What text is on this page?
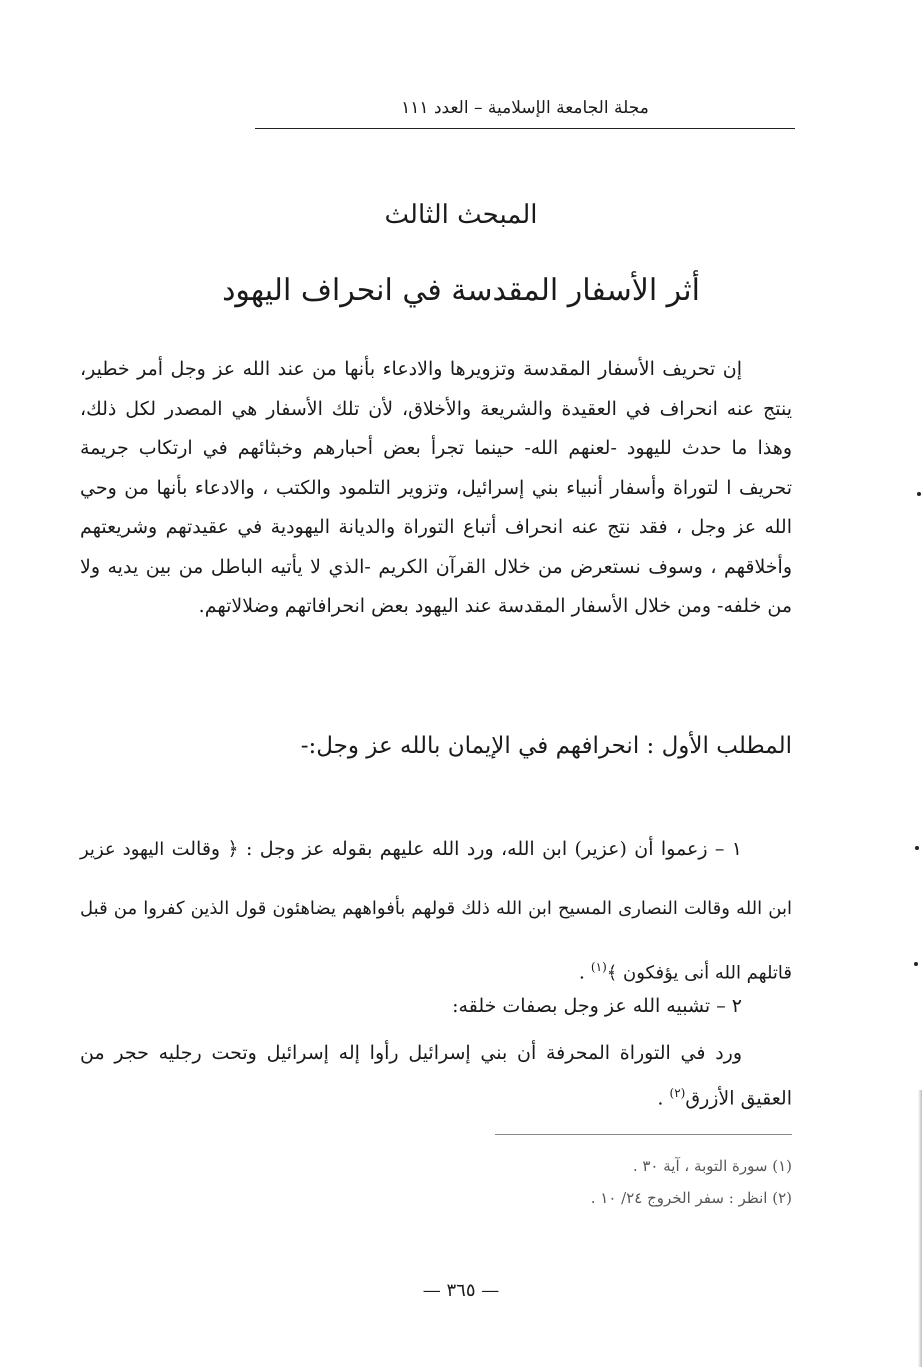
مجلة الجامعة الإسلامية – العدد ١١١
المبحث الثالث
أثر الأسفار المقدسة في انحراف اليهود

إن تحريف الأسفار المقدسة وتزويرها والادعاء بأنها من عند الله عز وجل أمر خطير، ينتج عنه انحراف في العقيدة والشريعة والأخلاق، لأن تلك الأسفار هي المصدر لكل ذلك، وهذا ما حدث لليهود -لعنهم الله- حينما تجرأ بعض أحبارهم وخبثائهم في ارتكاب جريمة تحريف ا لتوراة وأسفار أنبياء بني إسرائيل، وتزوير التلمود والكتب ، والادعاء بأنها من وحي الله عز وجل ، فقد نتج عنه انحراف أتباع التوراة والديانة اليهودية في عقيدتهم وشريعتهم وأخلاقهم ، وسوف نستعرض من خلال القرآن الكريم -الذي لا يأتيه الباطل من بين يديه ولا من خلفه- ومن خلال الأسفار المقدسة عند اليهود بعض انحرافاتهم وضلالاتهم.

المطلب الأول : انحرافهم في الإيمان بالله عز وجل:-

١ – زعموا أن (عزير) ابن الله، ورد الله عليهم بقوله عز وجل : ﴿ وقالت اليهود عزير ابن الله وقالت النصارى المسيح ابن الله ذلك قولهم بأفواههم يضاهئون قول الذين كفروا من قبل قاتلهم الله أنى يؤفكون ﴾$^{(١)}$ .

٢ – تشبيه الله عز وجل بصفات خلقه:

ورد في التوراة المحرفة أن بني إسرائيل رأوا إله إسرائيل وتحت رجليه حجر من العقيق الأزرق$^{(٢)}$ .

(١) سورة التوبة ، آية ٣٠ .
(٢) انظر : سفر الخروج ٢٤/ ١٠ .
— ٣٦٥ —
